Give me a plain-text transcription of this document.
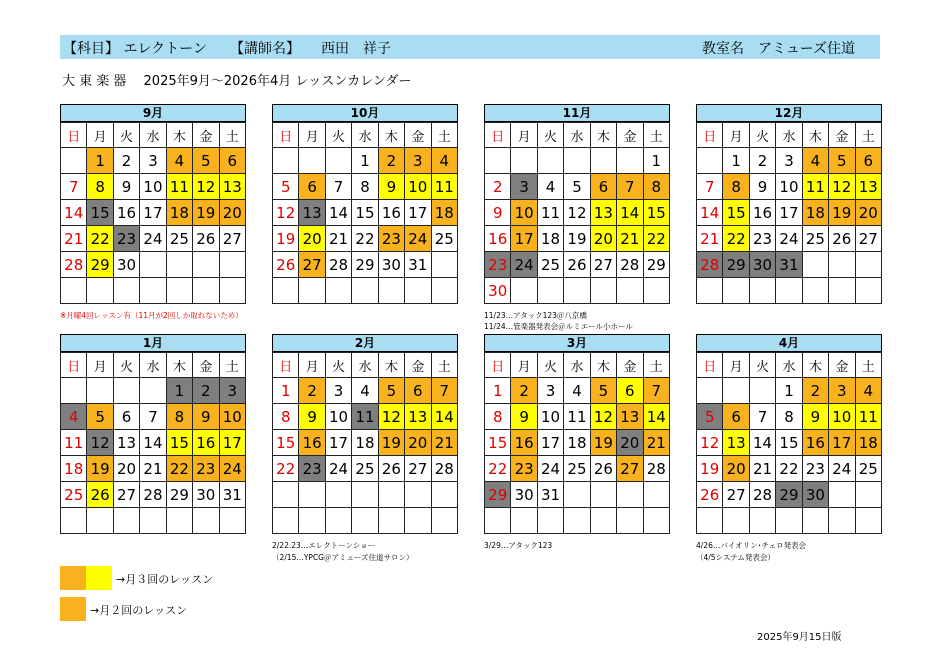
【科目】 エレクトーン 【講師名】　　西田　祥子	教室名　アミューズ住道
大 東 楽 器　 2025年9月～2026年4月 レッスンカレンダー
9月
日	月	火	水	木	金	土
	1	2	3	4	5	6
7	8	9	10	11	12	13
14	15	16	17	18	19	20
21	22	23	24	25	26	27
28	29	30				

10月
日	月	火	水	木	金	土
			1	2	3	4
5	6	7	8	9	10	11
12	13	14	15	16	17	18
19	20	21	22	23	24	25
26	27	28	29	30	31	

11月
日	月	火	水	木	金	土
						1
2	3	4	5	6	7	8
9	10	11	12	13	14	15
16	17	18	19	20	21	22
23	24	25	26	27	28	29
30						
12月
日	月	火	水	木	金	土
	1	2	3	4	5	6
7	8	9	10	11	12	13
14	15	16	17	18	19	20
21	22	23	24	25	26	27
28	29	30	31			

1月
日	月	火	水	木	金	土
				1	2	3
4	5	6	7	8	9	10
11	12	13	14	15	16	17
18	19	20	21	22	23	24
25	26	27	28	29	30	31

2月
日	月	火	水	木	金	土
1	2	3	4	5	6	7
8	9	10	11	12	13	14
15	16	17	18	19	20	21
22	23	24	25	26	27	28

3月
日	月	火	水	木	金	土
1	2	3	4	5	6	7
8	9	10	11	12	13	14
15	16	17	18	19	20	21
22	23	24	25	26	27	28
29	30	31				

4月
日	月	火	水	木	金	土
			1	2	3	4
5	6	7	8	9	10	11
12	13	14	15	16	17	18
19	20	21	22	23	24	25
26	27	28	29	30		

※月曜4回レッスン有（11月が2回しか取れないため）	11/23…アタック123＠八京橋
11/24…管楽器発表会＠ルミエール小ホール
2/22.23…エレクトーンショー
（2/15…YPCG＠アミューズ住道サロン）
3/29…アタック123	4/26…バイオリン･チェロ発表会
（4/5システム発表会）
→月３回のレッスン
→月２回のレッスン
2025年9月15日版
